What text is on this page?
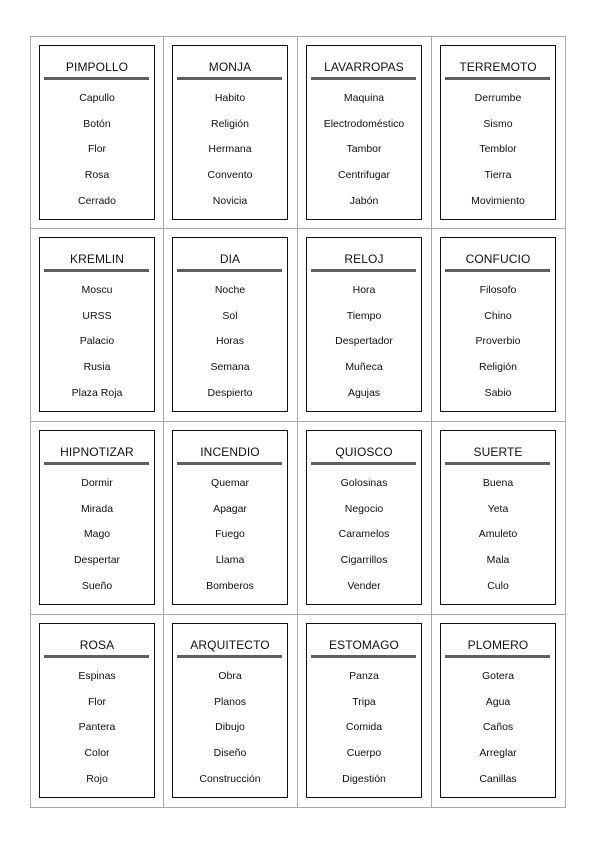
PIMPOLLO
Capullo
Botón
Flor
Rosa
Cerrado
MONJA
Habito
Religión
Hermana
Convento
Novicia
LAVARROPAS
Maquina
Electrodoméstico
Tambor
Centrifugar
Jabón
TERREMOTO
Derrumbe
Sismo
Temblor
Tierra
Movimiento
KREMLIN
Moscu
URSS
Palacio
Rusia
Plaza Roja
DIA
Noche
Sol
Horas
Semana
Despierto
RELOJ
Hora
Tiempo
Despertador
Muñeca
Agujas
CONFUCIO
Filosofo
Chino
Proverbio
Religión
Sabio
HIPNOTIZAR
Dormir
Mirada
Mago
Despertar
Sueño
INCENDIO
Quemar
Apagar
Fuego
Llama
Bomberos
QUIOSCO
Golosinas
Negocio
Caramelos
Cigarrillos
Vender
SUERTE
Buena
Yeta
Amuleto
Mala
Culo
ROSA
Espinas
Flor
Pantera
Color
Rojo
ARQUITECTO
Obra
Planos
Dibujo
Diseño
Construcción
ESTOMAGO
Panza
Tripa
Comida
Cuerpo
Digestión
PLOMERO
Gotera
Agua
Caños
Arreglar
Canillas
